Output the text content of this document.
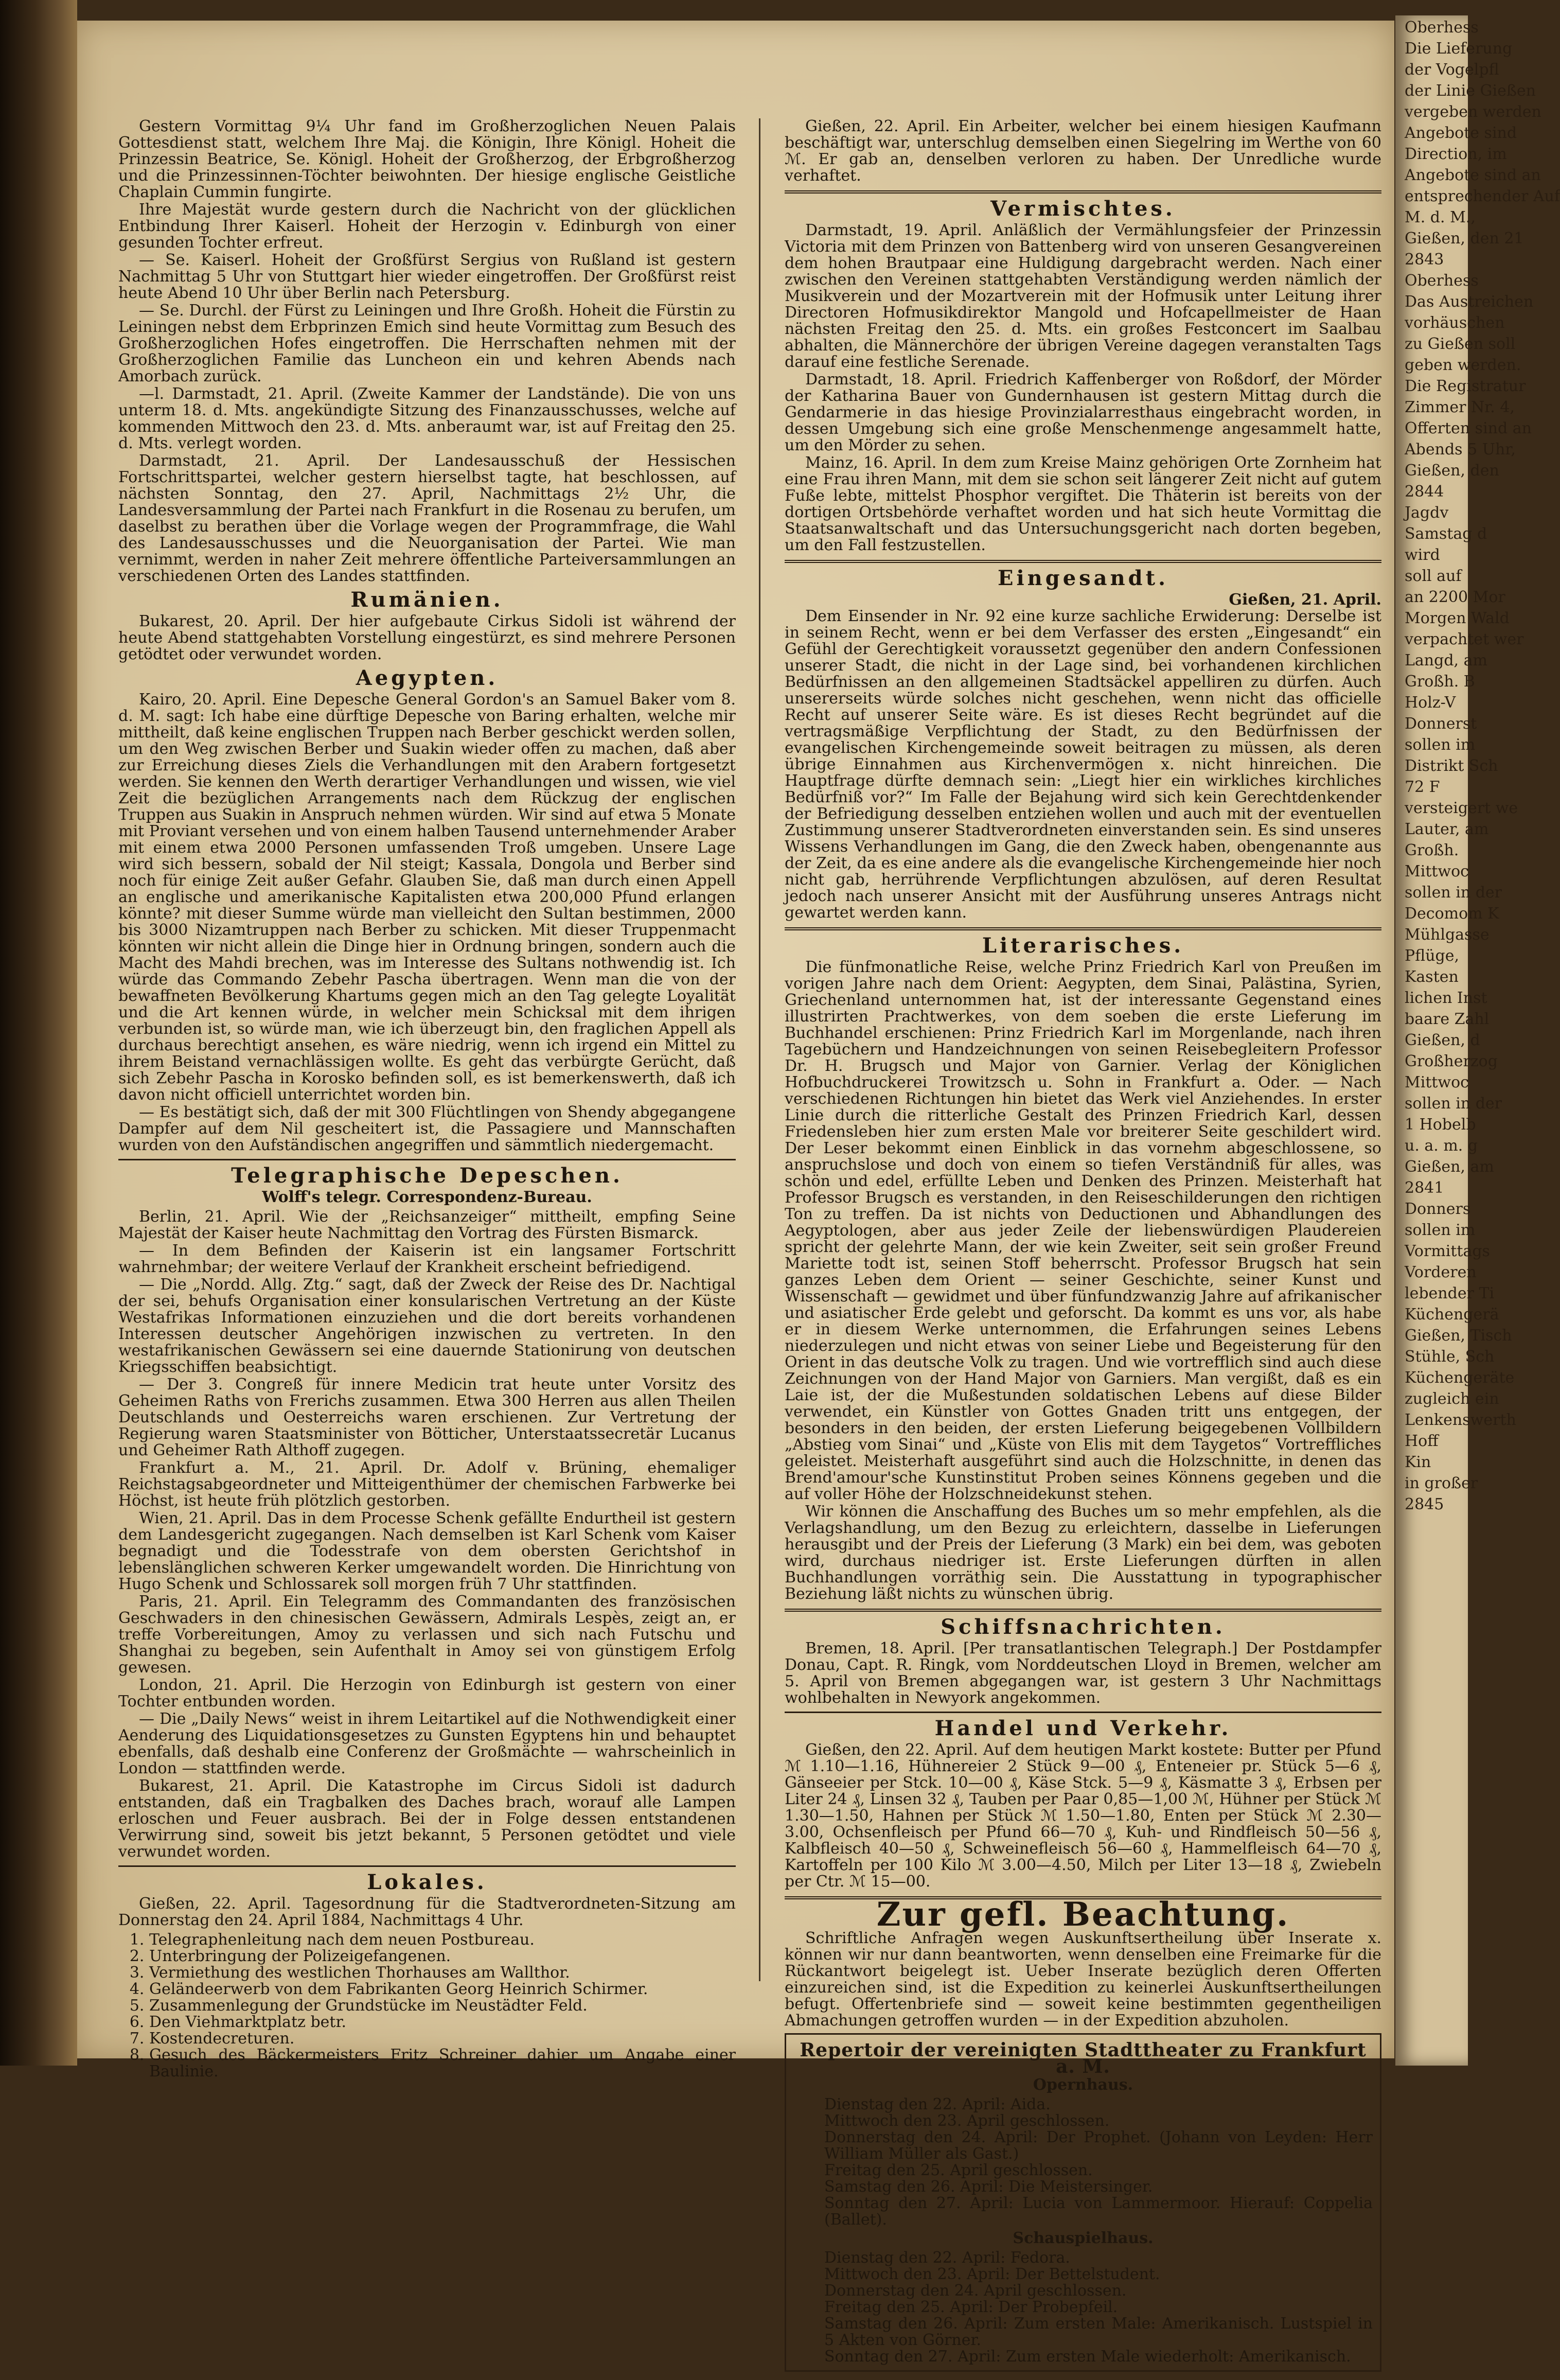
Gestern Vormittag 9¼ Uhr fand im Großherzoglichen Neuen Palais Gottesdienst statt, welchem Ihre Maj. die Königin, Ihre Königl. Hoheit die Prinzessin Beatrice, Se. Königl. Hoheit der Großherzog, der Erbgroßherzog und die Prinzessinnen-Töchter beiwohnten. Der hiesige englische Geistliche Chaplain Cummin fungirte.

Ihre Majestät wurde gestern durch die Nachricht von der glücklichen Entbindung Ihrer Kaiserl. Hoheit der Herzogin v. Edinburgh von einer gesunden Tochter erfreut.

— Se. Kaiserl. Hoheit der Großfürst Sergius von Rußland ist gestern Nachmittag 5 Uhr von Stuttgart hier wieder eingetroffen. Der Großfürst reist heute Abend 10 Uhr über Berlin nach Petersburg.

— Se. Durchl. der Fürst zu Leiningen und Ihre Großh. Hoheit die Fürstin zu Leiningen nebst dem Erbprinzen Emich sind heute Vormittag zum Besuch des Großherzoglichen Hofes eingetroffen. Die Herrschaften nehmen mit der Großherzoglichen Familie das Luncheon ein und kehren Abends nach Amorbach zurück.

—l. Darmstadt, 21. April. (Zweite Kammer der Landstände). Die von uns unterm 18. d. Mts. angekündigte Sitzung des Finanzausschusses, welche auf kommenden Mittwoch den 23. d. Mts. anberaumt war, ist auf Freitag den 25. d. Mts. verlegt worden.

Darmstadt, 21. April. Der Landesausschuß der Hessischen Fortschrittspartei, welcher gestern hierselbst tagte, hat beschlossen, auf nächsten Sonntag, den 27. April, Nachmittags 2½ Uhr, die Landesversammlung der Partei nach Frankfurt in die Rosenau zu berufen, um daselbst zu berathen über die Vorlage wegen der Programmfrage, die Wahl des Landesausschusses und die Neuorganisation der Partei. Wie man vernimmt, werden in naher Zeit mehrere öffentliche Parteiversammlungen an verschiedenen Orten des Landes stattfinden.

Rumänien.

Bukarest, 20. April. Der hier aufgebaute Cirkus Sidoli ist während der heute Abend stattgehabten Vorstellung eingestürzt, es sind mehrere Personen getödtet oder verwundet worden.

Aegypten.

Kairo, 20. April. Eine Depesche General Gordon's an Samuel Baker vom 8. d. M. sagt: Ich habe eine dürftige Depesche von Baring erhalten, welche mir mittheilt, daß keine englischen Truppen nach Berber geschickt werden sollen, um den Weg zwischen Berber und Suakin wieder offen zu machen, daß aber zur Erreichung dieses Ziels die Verhandlungen mit den Arabern fortgesetzt werden. Sie kennen den Werth derartiger Verhandlungen und wissen, wie viel Zeit die bezüglichen Arrangements nach dem Rückzug der englischen Truppen aus Suakin in Anspruch nehmen würden. Wir sind auf etwa 5 Monate mit Proviant versehen und von einem halben Tausend unternehmender Araber mit einem etwa 2000 Personen umfassenden Troß umgeben. Unsere Lage wird sich bessern, sobald der Nil steigt; Kassala, Dongola und Berber sind noch für einige Zeit außer Gefahr. Glauben Sie, daß man durch einen Appell an englische und amerikanische Kapitalisten etwa 200,000 Pfund erlangen könnte? mit dieser Summe würde man vielleicht den Sultan bestimmen, 2000 bis 3000 Nizamtruppen nach Berber zu schicken. Mit dieser Truppenmacht könnten wir nicht allein die Dinge hier in Ordnung bringen, sondern auch die Macht des Mahdi brechen, was im Interesse des Sultans nothwendig ist. Ich würde das Commando Zebehr Pascha übertragen. Wenn man die von der bewaffneten Bevölkerung Khartums gegen mich an den Tag gelegte Loyalität und die Art kennen würde, in welcher mein Schicksal mit dem ihrigen verbunden ist, so würde man, wie ich überzeugt bin, den fraglichen Appell als durchaus berechtigt ansehen, es wäre niedrig, wenn ich irgend ein Mittel zu ihrem Beistand vernachlässigen wollte. Es geht das verbürgte Gerücht, daß sich Zebehr Pascha in Korosko befinden soll, es ist bemerkenswerth, daß ich davon nicht officiell unterrichtet worden bin.

— Es bestätigt sich, daß der mit 300 Flüchtlingen von Shendy abgegangene Dampfer auf dem Nil gescheitert ist, die Passagiere und Mannschaften wurden von den Aufständischen angegriffen und sämmtlich niedergemacht.

Telegraphische Depeschen.
Wolff's telegr. Correspondenz-Bureau.

Berlin, 21. April. Wie der „Reichsanzeiger“ mittheilt, empfing Seine Majestät der Kaiser heute Nachmittag den Vortrag des Fürsten Bismarck.

— In dem Befinden der Kaiserin ist ein langsamer Fortschritt wahrnehmbar; der weitere Verlauf der Krankheit erscheint befriedigend.

— Die „Nordd. Allg. Ztg.“ sagt, daß der Zweck der Reise des Dr. Nachtigal der sei, behufs Organisation einer konsularischen Vertretung an der Küste Westafrikas Informationen einzuziehen und die dort bereits vorhandenen Interessen deutscher Angehörigen inzwischen zu vertreten. In den westafrikanischen Gewässern sei eine dauernde Stationirung von deutschen Kriegsschiffen beabsichtigt.

— Der 3. Congreß für innere Medicin trat heute unter Vorsitz des Geheimen Raths von Frerichs zusammen. Etwa 300 Herren aus allen Theilen Deutschlands und Oesterreichs waren erschienen. Zur Vertretung der Regierung waren Staatsminister von Bötticher, Unterstaatssecretär Lucanus und Geheimer Rath Althoff zugegen.

Frankfurt a. M., 21. April. Dr. Adolf v. Brüning, ehemaliger Reichstagsabgeordneter und Mitteigenthümer der chemischen Farbwerke bei Höchst, ist heute früh plötzlich gestorben.

Wien, 21. April. Das in dem Processe Schenk gefällte Endurtheil ist gestern dem Landesgericht zugegangen. Nach demselben ist Karl Schenk vom Kaiser begnadigt und die Todesstrafe von dem obersten Gerichtshof in lebenslänglichen schweren Kerker umgewandelt worden. Die Hinrichtung von Hugo Schenk und Schlossarek soll morgen früh 7 Uhr stattfinden.

Paris, 21. April. Ein Telegramm des Commandanten des französischen Geschwaders in den chinesischen Gewässern, Admirals Lespès, zeigt an, er treffe Vorbereitungen, Amoy zu verlassen und sich nach Futschu und Shanghai zu begeben, sein Aufenthalt in Amoy sei von günstigem Erfolg gewesen.

London, 21. April. Die Herzogin von Edinburgh ist gestern von einer Tochter entbunden worden.

— Die „Daily News“ weist in ihrem Leitartikel auf die Nothwendigkeit einer Aenderung des Liquidationsgesetzes zu Gunsten Egyptens hin und behauptet ebenfalls, daß deshalb eine Conferenz der Großmächte — wahrscheinlich in London — stattfinden werde.

Bukarest, 21. April. Die Katastrophe im Circus Sidoli ist dadurch entstanden, daß ein Tragbalken des Daches brach, worauf alle Lampen erloschen und Feuer ausbrach. Bei der in Folge dessen entstandenen Verwirrung sind, soweit bis jetzt bekannt, 5 Personen getödtet und viele verwundet worden.

Lokales.

Gießen, 22. April. Tagesordnung für die Stadtverordneten-Sitzung am Donnerstag den 24. April 1884, Nachmittags 4 Uhr.

1. Telegraphenleitung nach dem neuen Postbureau.
2. Unterbringung der Polizeigefangenen.
3. Vermiethung des westlichen Thorhauses am Wallthor.
4. Geländeerwerb von dem Fabrikanten Georg Heinrich Schirmer.
5. Zusammenlegung der Grundstücke im Neustädter Feld.
6. Den Viehmarktplatz betr.
7. Kostendecreturen.
8. Gesuch des Bäckermeisters Fritz Schreiner dahier um Angabe einer Baulinie.

Gießen, 22. April. Ein Arbeiter, welcher bei einem hiesigen Kaufmann beschäftigt war, unterschlug demselben einen Siegelring im Werthe von 60 ℳ. Er gab an, denselben verloren zu haben. Der Unredliche wurde verhaftet.

Vermischtes.

Darmstadt, 19. April. Anläßlich der Vermählungsfeier der Prinzessin Victoria mit dem Prinzen von Battenberg wird von unseren Gesangvereinen dem hohen Brautpaar eine Huldigung dargebracht werden. Nach einer zwischen den Vereinen stattgehabten Verständigung werden nämlich der Musikverein und der Mozartverein mit der Hofmusik unter Leitung ihrer Directoren Hofmusikdirektor Mangold und Hofcapellmeister de Haan nächsten Freitag den 25. d. Mts. ein großes Festconcert im Saalbau abhalten, die Männerchöre der übrigen Vereine dagegen veranstalten Tags darauf eine festliche Serenade.

Darmstadt, 18. April. Friedrich Kaffenberger von Roßdorf, der Mörder der Katharina Bauer von Gundernhausen ist gestern Mittag durch die Gendarmerie in das hiesige Provinzialarresthaus eingebracht worden, in dessen Umgebung sich eine große Menschenmenge angesammelt hatte, um den Mörder zu sehen.

Mainz, 16. April. In dem zum Kreise Mainz gehörigen Orte Zornheim hat eine Frau ihren Mann, mit dem sie schon seit längerer Zeit nicht auf gutem Fuße lebte, mittelst Phosphor vergiftet. Die Thäterin ist bereits von der dortigen Ortsbehörde verhaftet worden und hat sich heute Vormittag die Staatsanwaltschaft und das Untersuchungsgericht nach dorten begeben, um den Fall festzustellen.

Eingesandt.
Gießen, 21. April.

Dem Einsender in Nr. 92 eine kurze sachliche Erwiderung: Derselbe ist in seinem Recht, wenn er bei dem Verfasser des ersten „Eingesandt“ ein Gefühl der Gerechtigkeit voraussetzt gegenüber den andern Confessionen unserer Stadt, die nicht in der Lage sind, bei vorhandenen kirchlichen Bedürfnissen an den allgemeinen Stadtsäckel appelliren zu dürfen. Auch unsererseits würde solches nicht geschehen, wenn nicht das officielle Recht auf unserer Seite wäre. Es ist dieses Recht begründet auf die vertragsmäßige Verpflichtung der Stadt, zu den Bedürfnissen der evangelischen Kirchengemeinde soweit beitragen zu müssen, als deren übrige Einnahmen aus Kirchenvermögen x. nicht hinreichen. Die Hauptfrage dürfte demnach sein: „Liegt hier ein wirkliches kirchliches Bedürfniß vor?“ Im Falle der Bejahung wird sich kein Gerechtdenkender der Befriedigung desselben entziehen wollen und auch mit der eventuellen Zustimmung unserer Stadtverordneten einverstanden sein. Es sind unseres Wissens Verhandlungen im Gang, die den Zweck haben, obengenannte aus der Zeit, da es eine andere als die evangelische Kirchengemeinde hier noch nicht gab, herrührende Verpflichtungen abzulösen, auf deren Resultat jedoch nach unserer Ansicht mit der Ausführung unseres Antrags nicht gewartet werden kann.

Literarisches.

Die fünfmonatliche Reise, welche Prinz Friedrich Karl von Preußen im vorigen Jahre nach dem Orient: Aegypten, dem Sinai, Palästina, Syrien, Griechenland unternommen hat, ist der interessante Gegenstand eines illustrirten Prachtwerkes, von dem soeben die erste Lieferung im Buchhandel erschienen: Prinz Friedrich Karl im Morgenlande, nach ihren Tagebüchern und Handzeichnungen von seinen Reisebegleitern Professor Dr. H. Brugsch und Major von Garnier. Verlag der Königlichen Hofbuchdruckerei Trowitzsch u. Sohn in Frankfurt a. Oder. — Nach verschiedenen Richtungen hin bietet das Werk viel Anziehendes. In erster Linie durch die ritterliche Gestalt des Prinzen Friedrich Karl, dessen Friedensleben hier zum ersten Male vor breiterer Seite geschildert wird. Der Leser bekommt einen Einblick in das vornehm abgeschlossene, so anspruchslose und doch von einem so tiefen Verständniß für alles, was schön und edel, erfüllte Leben und Denken des Prinzen. Meisterhaft hat Professor Brugsch es verstanden, in den Reiseschilderungen den richtigen Ton zu treffen. Da ist nichts von Deductionen und Abhandlungen des Aegyptologen, aber aus jeder Zeile der liebenswürdigen Plaudereien spricht der gelehrte Mann, der wie kein Zweiter, seit sein großer Freund Mariette todt ist, seinen Stoff beherrscht. Professor Brugsch hat sein ganzes Leben dem Orient — seiner Geschichte, seiner Kunst und Wissenschaft — gewidmet und über fünfundzwanzig Jahre auf afrikanischer und asiatischer Erde gelebt und geforscht. Da kommt es uns vor, als habe er in diesem Werke unternommen, die Erfahrungen seines Lebens niederzulegen und nicht etwas von seiner Liebe und Begeisterung für den Orient in das deutsche Volk zu tragen. Und wie vortrefflich sind auch diese Zeichnungen von der Hand Major von Garniers. Man vergißt, daß es ein Laie ist, der die Mußestunden soldatischen Lebens auf diese Bilder verwendet, ein Künstler von Gottes Gnaden tritt uns entgegen, der besonders in den beiden, der ersten Lieferung beigegebenen Vollbildern „Abstieg vom Sinai“ und „Küste von Elis mit dem Taygetos“ Vortreffliches geleistet. Meisterhaft ausgeführt sind auch die Holzschnitte, in denen das Brend'amour'sche Kunstinstitut Proben seines Könnens gegeben und die auf voller Höhe der Holzschneidekunst stehen.

Wir können die Anschaffung des Buches um so mehr empfehlen, als die Verlagshandlung, um den Bezug zu erleichtern, dasselbe in Lieferungen herausgibt und der Preis der Lieferung (3 Mark) ein bei dem, was geboten wird, durchaus niedriger ist. Erste Lieferungen dürften in allen Buchhandlungen vorräthig sein. Die Ausstattung in typographischer Beziehung läßt nichts zu wünschen übrig.

Schiffsnachrichten.

Bremen, 18. April. [Per transatlantischen Telegraph.] Der Postdampfer Donau, Capt. R. Ringk, vom Norddeutschen Lloyd in Bremen, welcher am 5. April von Bremen abgegangen war, ist gestern 3 Uhr Nachmittags wohlbehalten in Newyork angekommen.

Handel und Verkehr.

Gießen, den 22. April. Auf dem heutigen Markt kostete: Butter per Pfund ℳ 1.10—1.16, Hühnereier 2 Stück 9—00 ₰, Enteneier pr. Stück 5—6 ₰, Gänseeier per Stck. 10—00 ₰, Käse Stck. 5—9 ₰, Käsmatte 3 ₰, Erbsen per Liter 24 ₰, Linsen 32 ₰, Tauben per Paar 0,85—1,00 ℳ, Hühner per Stück ℳ 1.30—1.50, Hahnen per Stück ℳ 1.50—1.80, Enten per Stück ℳ 2.30—3.00, Ochsenfleisch per Pfund 66—70 ₰, Kuh- und Rindfleisch 50—56 ₰, Kalbfleisch 40—50 ₰, Schweinefleisch 56—60 ₰, Hammelfleisch 64—70 ₰, Kartoffeln per 100 Kilo ℳ 3.00—4.50, Milch per Liter 13—18 ₰, Zwiebeln per Ctr. ℳ 15—00.

Zur gefl. Beachtung.

Schriftliche Anfragen wegen Auskunftsertheilung über Inserate x. können wir nur dann beantworten, wenn denselben eine Freimarke für die Rückantwort beigelegt ist. Ueber Inserate bezüglich deren Offerten einzureichen sind, ist die Expedition zu keinerlei Auskunftsertheilungen befugt. Offertenbriefe sind — soweit keine bestimmten gegentheiligen Abmachungen getroffen wurden — in der Expedition abzuholen.

Repertoir der vereinigten Stadttheater zu Frankfurt a. M.
Opernhaus.

Dienstag den 22. April: Aida.

Mittwoch den 23. April geschlossen.

Donnerstag den 24. April: Der Prophet. (Johann von Leyden: Herr William Müller als Gast.)

Freitag den 25. April geschlossen.

Samstag den 26. April: Die Meistersinger.

Sonntag den 27. April: Lucia von Lammermoor. Hierauf: Coppelia (Ballet).

Schauspielhaus.

Dienstag den 22. April: Fedora.

Mittwoch den 23. April: Der Bettelstudent.

Donnerstag den 24. April geschlossen.

Freitag den 25. April: Der Probepfeil.

Samstag den 26. April: Zum ersten Male: Amerikanisch. Lustspiel in 5 Akten von Görner.

Sonntag den 27. April: Zum ersten Male wiederholt: Amerikanisch.

Oberhess
Die Lieferung
der Vogelpfl
der Linie Gießen
vergeben werden
Angebote sind
Direction, im
Angebote sind an
entsprechender Auf
M. d. M.,
Gießen, den 21
2843
Oberhess
Das Austreichen
vorhäuschen
zu Gießen soll
geben werden.
Die Registratur
Zimmer Nr. 4,
Offerten sind an
Abends 5 Uhr,
Gießen, den
2844
Jagdv
Samstag d
wird
soll auf
an 2200 Mor
Morgen Wald
verpachtet wer
Langd, am
Großh. B
Holz-V
Donnerst
sollen im
Distrikt Sch
72 F
versteigert we
Lauter, am
Großh.
Mittwoc
sollen in der
Decomom K
Mühlgasse
Pflüge,
Kasten
lichen Inst
baare Zahl
Gießen, d
Großherzog
Mittwoc
sollen in der
1 Hobelb
u. a. m. g
Gießen, am
2841
Donners
sollen im
Vormittags
Vorderen
lebender Ti
Küchengerä
Gießen, Tisch
Stühle, Sch
Küchengeräte
zugleich ein
Lenkenswerth
Hoff
Kin
in großer
2845
